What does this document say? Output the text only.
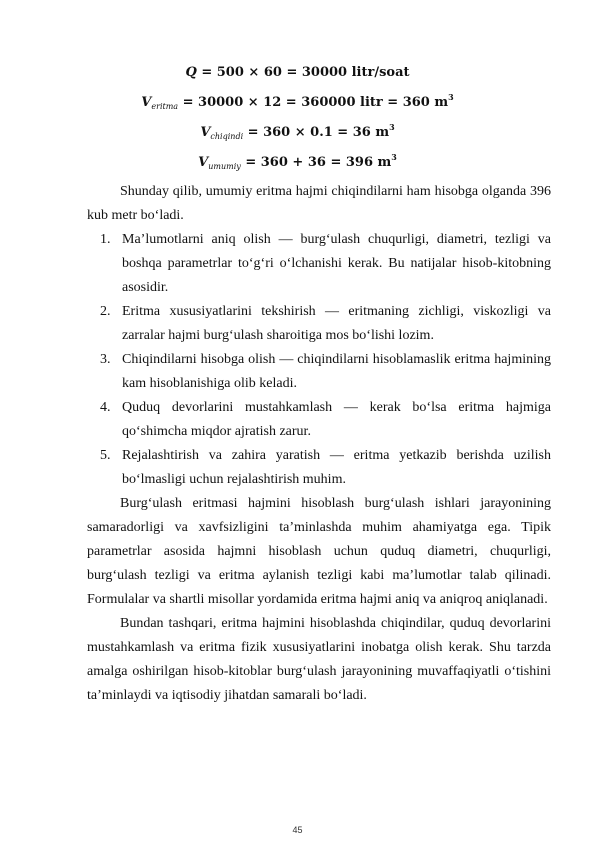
Q = 500 × 60 = 30000 litr/soat
$V_{eritma} = 30000 \times 12 = 360000$ litr = 360 $m^3$
$V_{chiqindi} = 360 \times 0.1 = 36$ $m^3$
$V_{umumiy} = 360 + 36 = 396$ $m^3$

Shunday qilib, umumiy eritma hajmi chiqindilarni ham hisobga olganda 396 kub metr bo‘ladi.

1. Ma’lumotlarni aniq olish — burg‘ulash chuqurligi, diametri, tezligi va boshqa parametrlar to‘g‘ri o‘lchanishi kerak. Bu natijalar hisob-kitobning asosidir.
2. Eritma xususiyatlarini tekshirish — eritmaning zichligi, viskozligi va zarralar hajmi burg‘ulash sharoitiga mos bo‘lishi lozim.
3. Chiqindilarni hisobga olish — chiqindilarni hisoblamaslik eritma hajmining kam hisoblanishiga olib keladi.
4. Quduq devorlarini mustahkamlash — kerak bo‘lsa eritma hajmiga qo‘shimcha miqdor ajratish zarur.
5. Rejalashtirish va zahira yaratish — eritma yetkazib berishda uzilish bo‘lmasligi uchun rejalashtirish muhim.

Burg‘ulash eritmasi hajmini hisoblash burg‘ulash ishlari jarayonining samaradorligi va xavfsizligini ta’minlashda muhim ahamiyatga ega. Tipik parametrlar asosida hajmni hisoblash uchun quduq diametri, chuqurligi, burg‘ulash tezligi va eritma aylanish tezligi kabi ma’lumotlar talab qilinadi. Formulalar va shartli misollar yordamida eritma hajmi aniq va aniqroq aniqlanadi.

Bundan tashqari, eritma hajmini hisoblashda chiqindilar, quduq devorlarini mustahkamlash va eritma fizik xususiyatlarini inobatga olish kerak. Shu tarzda amalga oshirilgan hisob-kitoblar burg‘ulash jarayonining muvaffaqiyatli o‘tishini ta’minlaydi va iqtisodiy jihatdan samarali bo‘ladi.

45
